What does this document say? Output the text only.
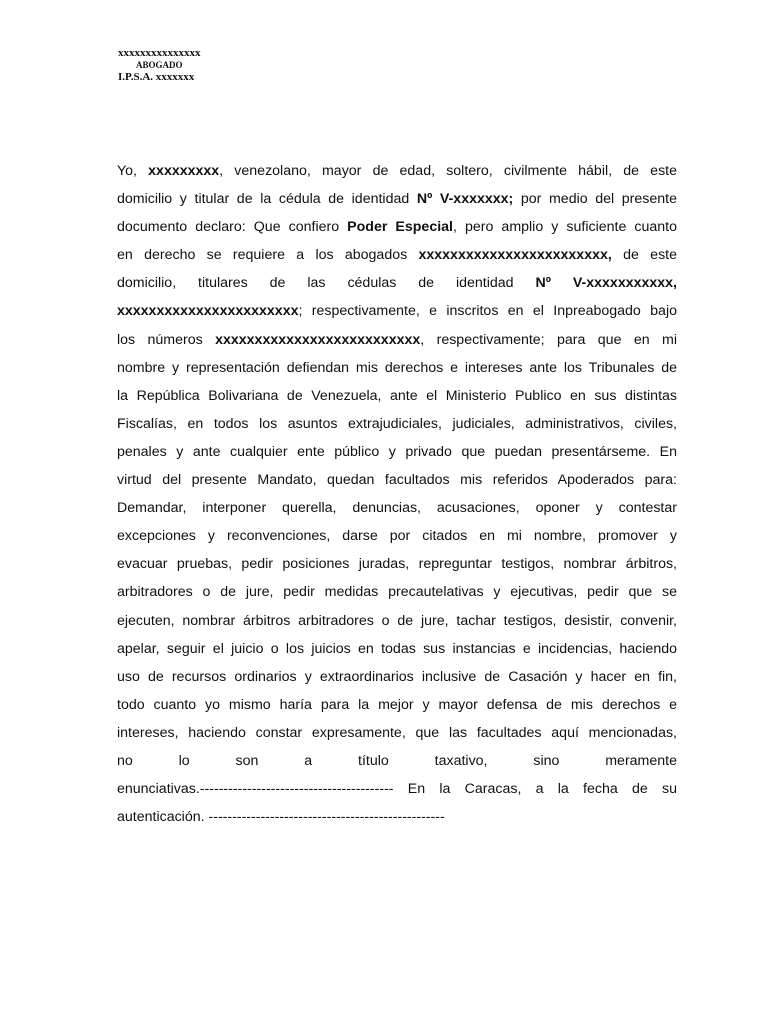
xxxxxxxxxxxxxxx
ABOGADO
I.P.S.A. xxxxxxx
Yo, xxxxxxxxx, venezolano, mayor de edad, soltero, civilmente hábil, de este
domicilio y titular de la cédula de identidad Nº V-xxxxxxx; por medio del presente
documento declaro: Que confiero Poder Especial, pero amplio y suficiente cuanto
en derecho se requiere a los abogados xxxxxxxxxxxxxxxxxxxxxxxx, de este
domicilio, titulares de las cédulas de identidad Nº V-xxxxxxxxxxx,
xxxxxxxxxxxxxxxxxxxxxxx; respectivamente, e inscritos en el Inpreabogado bajo
los números xxxxxxxxxxxxxxxxxxxxxxxxxx, respectivamente; para que en mi
nombre y representación defiendan mis derechos e intereses ante los Tribunales de
la República Bolivariana de Venezuela, ante el Ministerio Publico en sus distintas
Fiscalías, en todos los asuntos extrajudiciales, judiciales, administrativos, civiles,
penales y ante cualquier ente público y privado que puedan presentárseme. En
virtud del presente Mandato, quedan facultados mis referidos Apoderados para:
Demandar, interponer querella, denuncias, acusaciones, oponer y contestar
excepciones y reconvenciones, darse por citados en mi nombre, promover y
evacuar pruebas, pedir posiciones juradas, repreguntar testigos, nombrar árbitros,
arbitradores o de jure, pedir medidas precautelativas y ejecutivas, pedir que se
ejecuten, nombrar árbitros arbitradores o de jure, tachar testigos, desistir, convenir,
apelar, seguir el juicio o los juicios en todas sus instancias e incidencias, haciendo
uso de recursos ordinarios y extraordinarios inclusive de Casación y hacer en fin,
todo cuanto yo mismo haría para la mejor y mayor defensa de mis derechos e
intereses, haciendo constar expresamente, que las facultades aquí mencionadas,
no lo son a título taxativo, sino meramente
enunciativas.----------------------------------------- En la Caracas, a la fecha de su
autenticación. --------------------------------------------------
